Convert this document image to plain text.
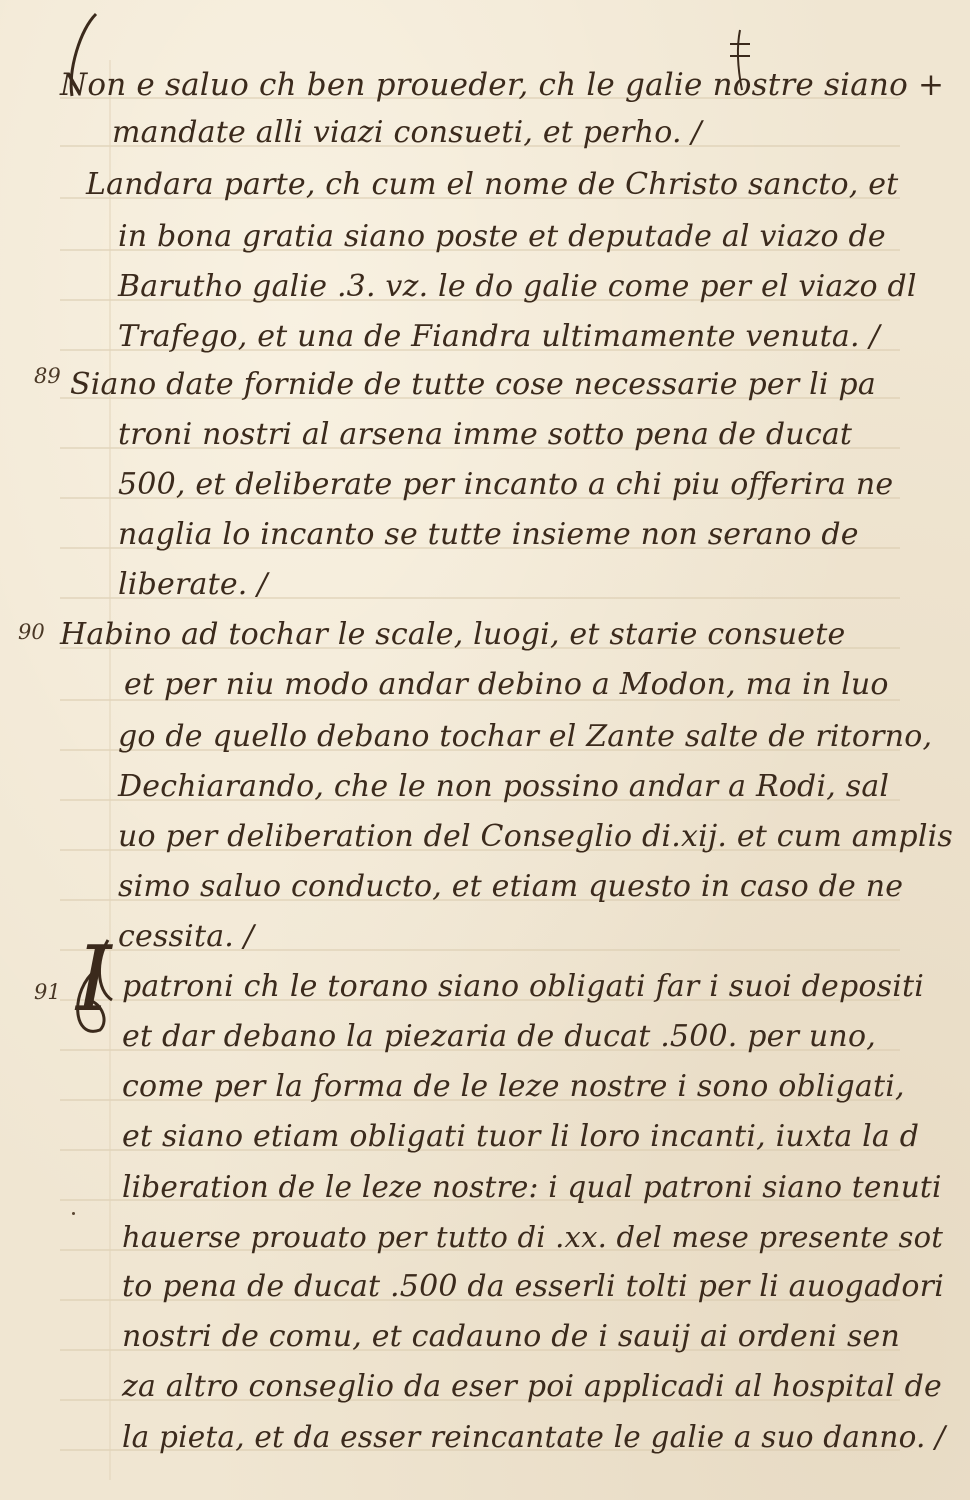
Non e saluo ch ben proueder, ch le galie nostre siano +
mandate alli viazi consueti, et perho. /
Landara parte, ch cum el nome de Christo sancto, et
in bona gratia siano poste et deputade al viazo de
Barutho galie .3. vz. le do galie come per el viazo dl
Trafego, et una de Fiandra ultimamente venuta. /
89 Siano date fornide de tutte cose necessarie per li pa
troni nostri al arsena imme sotto pena de ducat
500, et deliberate per incanto a chi piu offerira ne
naglia lo incanto se tutte insieme non serano de
liberate. /
90 Habino ad tochar le scale, luogi, et starie consuete
et per niu modo andar debino a Modon, ma in luo
go de quello debano tochar el Zante salte de ritorno,
Dechiarando, che le non possino andar a Rodi, sal
uo per deliberation del Conseglio di.xij. et cum amplis
simo saluo conducto, et etiam questo in caso de ne
cessita. /
91 patroni ch le torano siano obligati far i suoi depositi
et dar debano la piezaria de ducat .500. per uno,
come per la forma de le leze nostre i sono obligati,
et siano etiam obligati tuor li loro incanti, iuxta la d
liberation de le leze nostre: i qual patroni siano tenuti
hauerse prouato per tutto di .xx. del mese presente sot
to pena de ducat .500 da esserli tolti per li auogadori
nostri de comu, et cadauno de i sauij ai ordeni sen
za altro conseglio da eser poi applicadi al hospital de
la pieta, et da esser reincantate le galie a suo danno. /
I
